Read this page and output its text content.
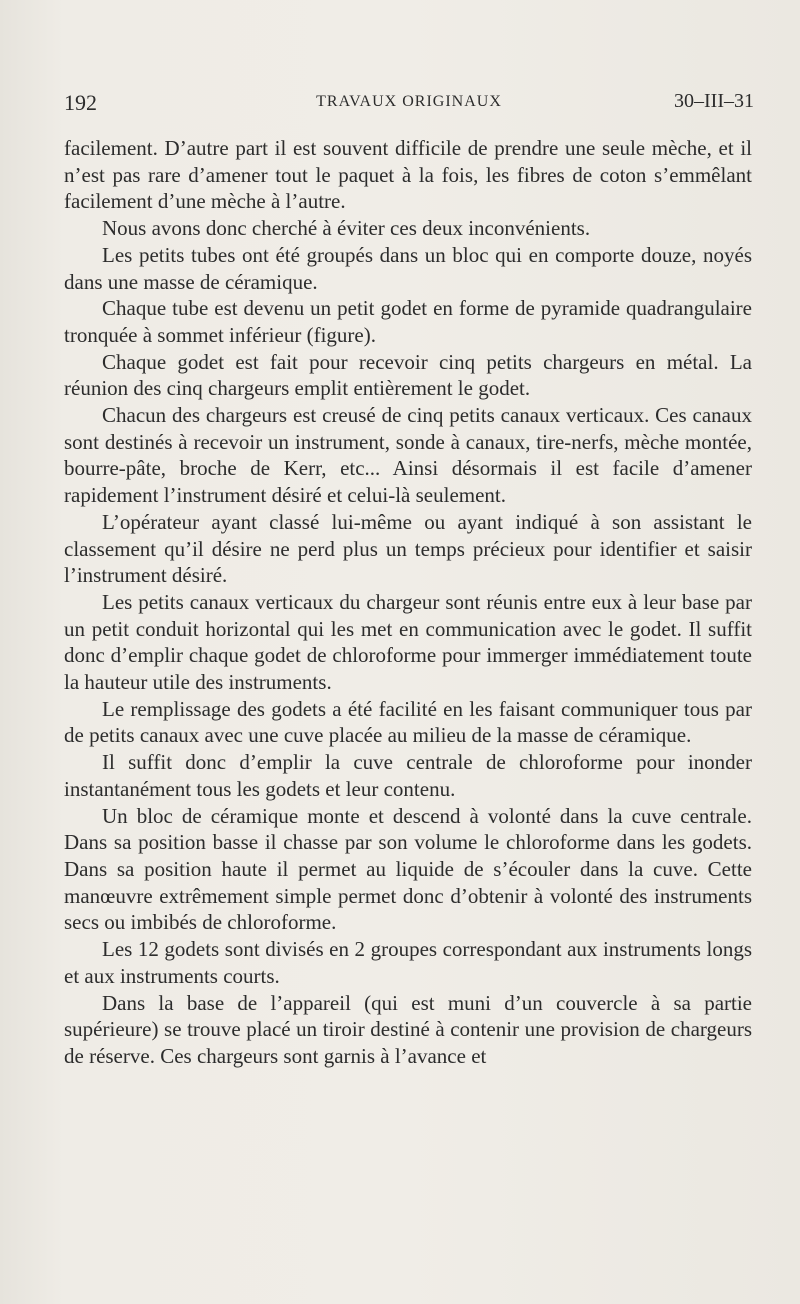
192	TRAVAUX ORIGINAUX	30–III–31

facilement. D’autre part il est souvent difficile de prendre une seule mèche, et il n’est pas rare d’amener tout le paquet à la fois, les fibres de coton s’emmêlant facilement d’une mèche à l’autre.

Nous avons donc cherché à éviter ces deux inconvénients.

Les petits tubes ont été groupés dans un bloc qui en comporte douze, noyés dans une masse de céramique.

Chaque tube est devenu un petit godet en forme de pyramide quadrangulaire tronquée à sommet inférieur (figure).

Chaque godet est fait pour recevoir cinq petits chargeurs en métal. La réunion des cinq chargeurs emplit entièrement le godet.

Chacun des chargeurs est creusé de cinq petits canaux verticaux. Ces canaux sont destinés à recevoir un instrument, sonde à canaux, tire-nerfs, mèche montée, bourre-pâte, broche de Kerr, etc... Ainsi désormais il est facile d’amener rapidement l’instrument désiré et celui-là seulement.

L’opérateur ayant classé lui-même ou ayant indiqué à son assistant le classement qu’il désire ne perd plus un temps précieux pour identifier et saisir l’instrument désiré.

Les petits canaux verticaux du chargeur sont réunis entre eux à leur base par un petit conduit horizontal qui les met en communication avec le godet. Il suffit donc d’emplir chaque godet de chloroforme pour immerger immédiatement toute la hauteur utile des instruments.

Le remplissage des godets a été facilité en les faisant communiquer tous par de petits canaux avec une cuve placée au milieu de la masse de céramique.

Il suffit donc d’emplir la cuve centrale de chloroforme pour inonder instantanément tous les godets et leur contenu.

Un bloc de céramique monte et descend à volonté dans la cuve centrale. Dans sa position basse il chasse par son volume le chloroforme dans les godets. Dans sa position haute il permet au liquide de s’écouler dans la cuve. Cette manœuvre extrêmement simple permet donc d’obtenir à volonté des instruments secs ou imbibés de chloroforme.

Les 12 godets sont divisés en 2 groupes correspondant aux instruments longs et aux instruments courts.

Dans la base de l’appareil (qui est muni d’un couvercle à sa partie supérieure) se trouve placé un tiroir destiné à contenir une provision de chargeurs de réserve. Ces chargeurs sont garnis à l’avance et
